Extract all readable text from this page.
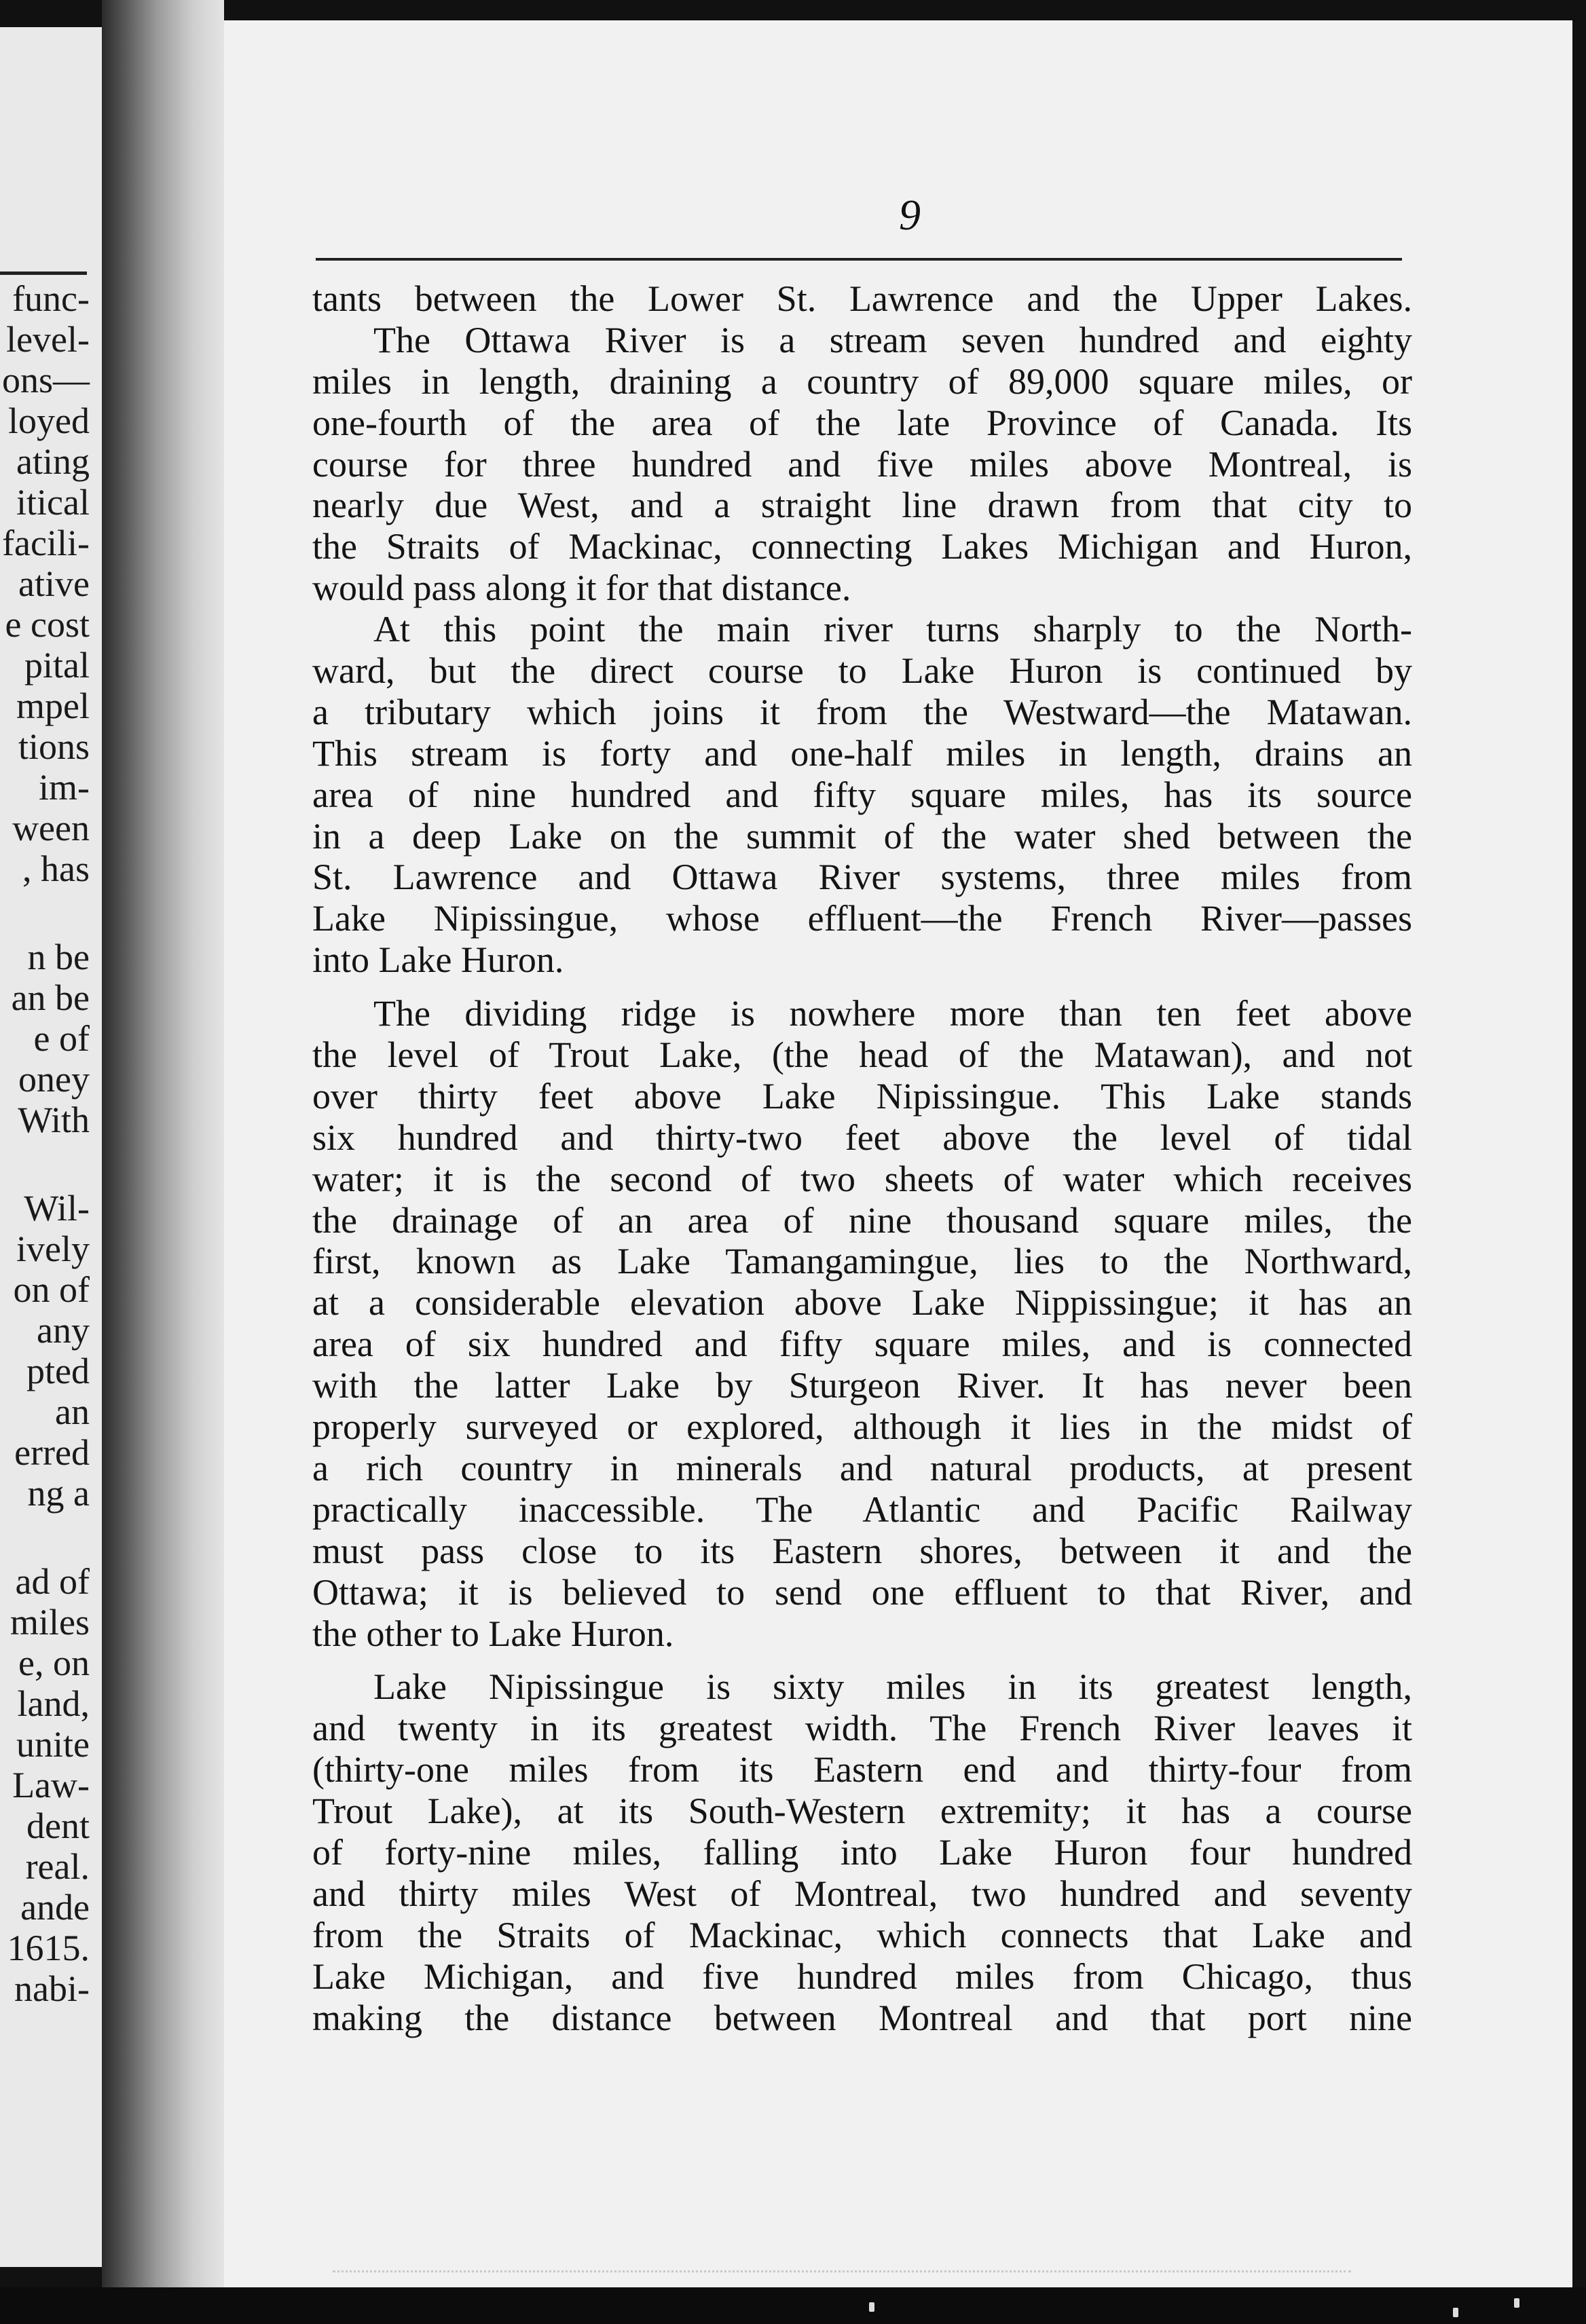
func-
level-
ons—
loyed
ating
itical
facili-
ative
e cost
pital
mpel
tions
im-
ween
, has
n be
an be
e of
oney
With
Wil-
ively
on of
any
pted
an
erred
ng a
ad of
miles
e, on
land,
unite
Law-
dent
real.
ande
1615.
nabi-
9
tants between the Lower St. Lawrence and the Upper Lakes.
The Ottawa River is a stream seven hundred and eighty
miles in length, draining a country of 89,000 square miles, or
one-fourth of the area of the late Province of Canada. Its
course for three hundred and five miles above Montreal, is
nearly due West, and a straight line drawn from that city to
the Straits of Mackinac, connecting Lakes Michigan and Huron,
would pass along it for that distance.
At this point the main river turns sharply to the North-
ward, but the direct course to Lake Huron is continued by
a tributary which joins it from the Westward—the Matawan.
This stream is forty and one-half miles in length, drains an
area of nine hundred and fifty square miles, has its source
in a deep Lake on the summit of the water shed between the
St. Lawrence and Ottawa River systems, three miles from
Lake Nipissingue, whose effluent—the French River—passes
into Lake Huron.
The dividing ridge is nowhere more than ten feet above
the level of Trout Lake, (the head of the Matawan), and not
over thirty feet above Lake Nipissingue. This Lake stands
six hundred and thirty-two feet above the level of tidal
water; it is the second of two sheets of water which receives
the drainage of an area of nine thousand square miles, the
first, known as Lake Tamangamingue, lies to the Northward,
at a considerable elevation above Lake Nippissingue; it has an
area of six hundred and fifty square miles, and is connected
with the latter Lake by Sturgeon River. It has never been
properly surveyed or explored, although it lies in the midst of
a rich country in minerals and natural products, at present
practically inaccessible. The Atlantic and Pacific Railway
must pass close to its Eastern shores, between it and the
Ottawa; it is believed to send one effluent to that River, and
the other to Lake Huron.
Lake Nipissingue is sixty miles in its greatest length,
and twenty in its greatest width. The French River leaves it
(thirty-one miles from its Eastern end and thirty-four from
Trout Lake), at its South-Western extremity; it has a course
of forty-nine miles, falling into Lake Huron four hundred
and thirty miles West of Montreal, two hundred and seventy
from the Straits of Mackinac, which connects that Lake and
Lake Michigan, and five hundred miles from Chicago, thus
making the distance between Montreal and that port nine
